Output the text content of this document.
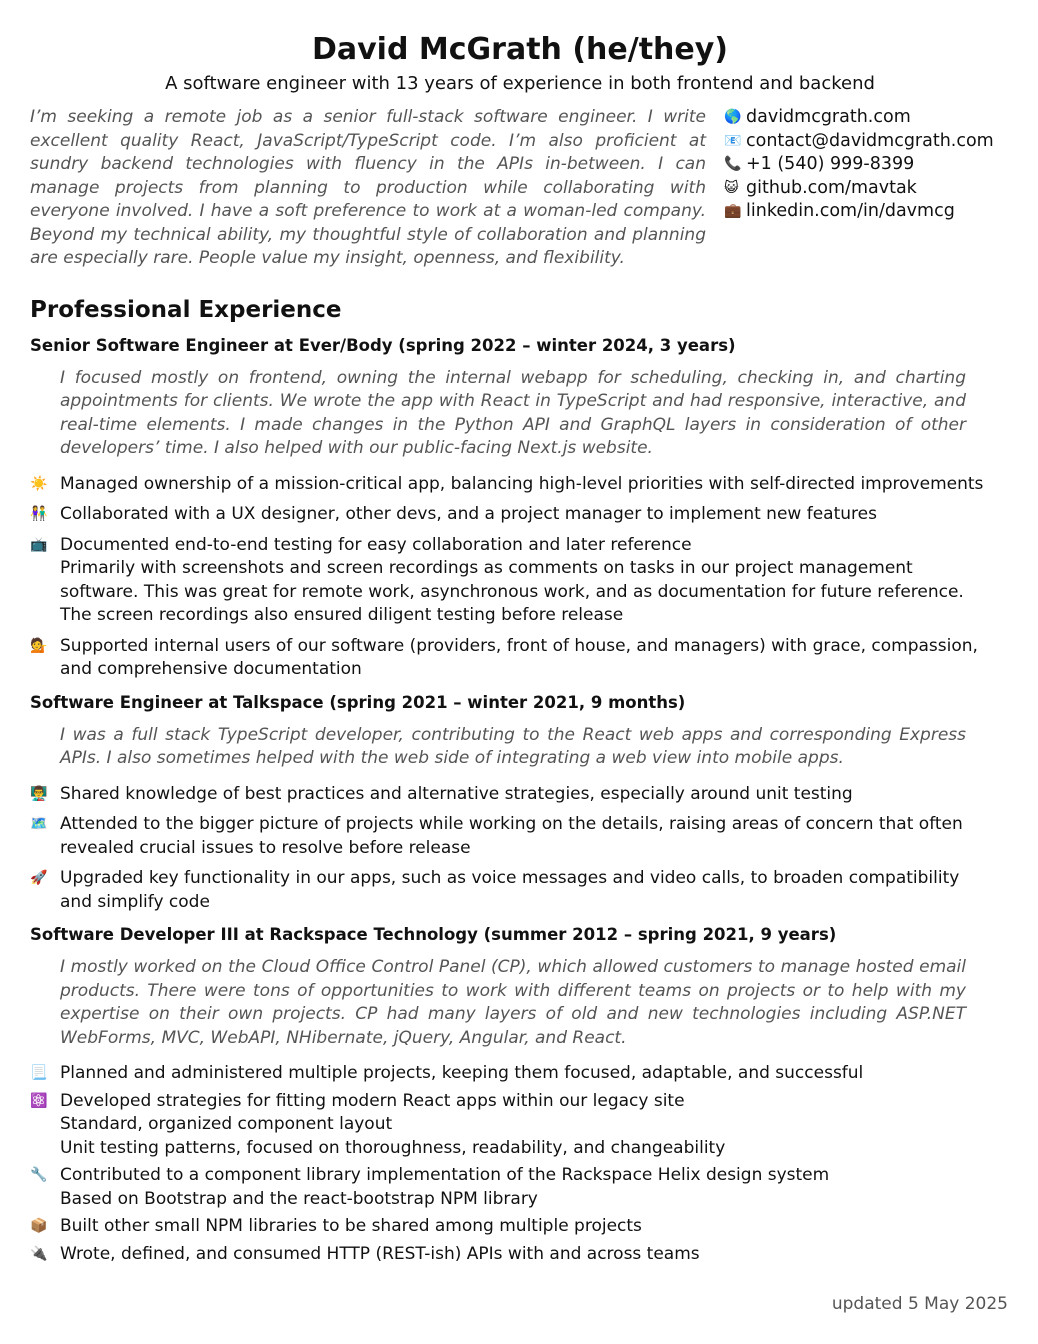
David McGrath (he/they)
A software engineer with 13 years of experience in both frontend and backend
I’m seeking a remote job as a senior full-stack software engineer. I write excellent quality React, JavaScript/TypeScript code. I’m also proficient at sundry backend technologies with fluency in the APIs in-between. I can manage projects from planning to production while collaborating with everyone involved. I have a soft preference to work at a woman-led company. Beyond my technical ability, my thoughtful style of collaboration and planning are especially rare. People value my insight, openness, and flexibility.
🌎 davidmcgrath.com
📧 contact@davidmcgrath.com
📞 +1 (540) 999-8399
😺 github.com/mavtak
💼 linkedin.com/in/davmcg
Professional Experience
Senior Software Engineer at Ever/Body (spring 2022 – winter 2024, 3 years)
I focused mostly on frontend, owning the internal webapp for scheduling, checking in, and charting appointments for clients. We wrote the app with React in TypeScript and had responsive, interactive, and real-time elements. I made changes in the Python API and GraphQL layers in consideration of other developers’ time. I also helped with our public-facing Next.js website.
☀️ Managed ownership of a mission-critical app, balancing high-level priorities with self-directed improvements
👫 Collaborated with a UX designer, other devs, and a project manager to implement new features
📺 Documented end-to-end testing for easy collaboration and later reference
Primarily with screenshots and screen recordings as comments on tasks in our project management
software. This was great for remote work, asynchronous work, and as documentation for future reference.
The screen recordings also ensured diligent testing before release
💁 Supported internal users of our software (providers, front of house, and managers) with grace, compassion,
and comprehensive documentation
Software Engineer at Talkspace (spring 2021 – winter 2021, 9 months)
I was a full stack TypeScript developer, contributing to the React web apps and corresponding Express APIs. I also sometimes helped with the web side of integrating a web view into mobile apps.
👨‍🏫 Shared knowledge of best practices and alternative strategies, especially around unit testing
🗺️ Attended to the bigger picture of projects while working on the details, raising areas of concern that often
revealed crucial issues to resolve before release
🚀 Upgraded key functionality in our apps, such as voice messages and video calls, to broaden compatibility
and simplify code
Software Developer III at Rackspace Technology (summer 2012 – spring 2021, 9 years)
I mostly worked on the Cloud Office Control Panel (CP), which allowed customers to manage hosted email products. There were tons of opportunities to work with different teams on projects or to help with my expertise on their own projects. CP had many layers of old and new technologies including ASP.NET WebForms, MVC, WebAPI, NHibernate, jQuery, Angular, and React.
📃 Planned and administered multiple projects, keeping them focused, adaptable, and successful
⚛️ Developed strategies for fitting modern React apps within our legacy site
Standard, organized component layout
Unit testing patterns, focused on thoroughness, readability, and changeability
🔧 Contributed to a component library implementation of the Rackspace Helix design system
Based on Bootstrap and the react-bootstrap NPM library
📦 Built other small NPM libraries to be shared among multiple projects
🔌 Wrote, defined, and consumed HTTP (REST-ish) APIs with and across teams
updated 5 May 2025
